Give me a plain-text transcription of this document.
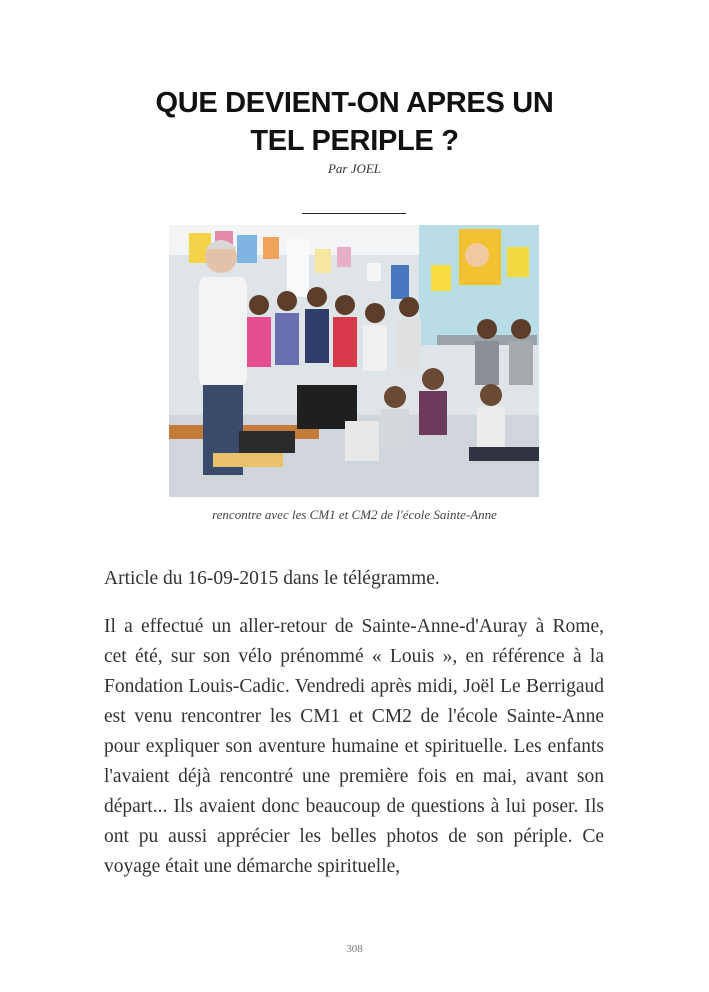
QUE DEVIENT-ON APRES UN
TEL PERIPLE ?
Par JOEL
rencontre avec les CM1 et CM2 de l'école Sainte-Anne
Article du 16-09-2015 dans le télégramme.
Il a effectué un aller-retour de Sainte-Anne-d'Auray à Rome, cet été, sur son vélo prénommé « Louis », en référence à la Fondation Louis-Cadic. Vendredi après midi, Joël Le Berrigaud est venu rencontrer les CM1 et CM2 de l'école Sainte-Anne pour expliquer son aventure humaine et spirituelle. Les enfants l'avaient déjà rencontré une première fois en mai, avant son départ... Ils avaient donc beaucoup de questions à lui poser. Ils ont pu aussi apprécier les belles photos de son périple. Ce voyage était une démarche spirituelle,
308
